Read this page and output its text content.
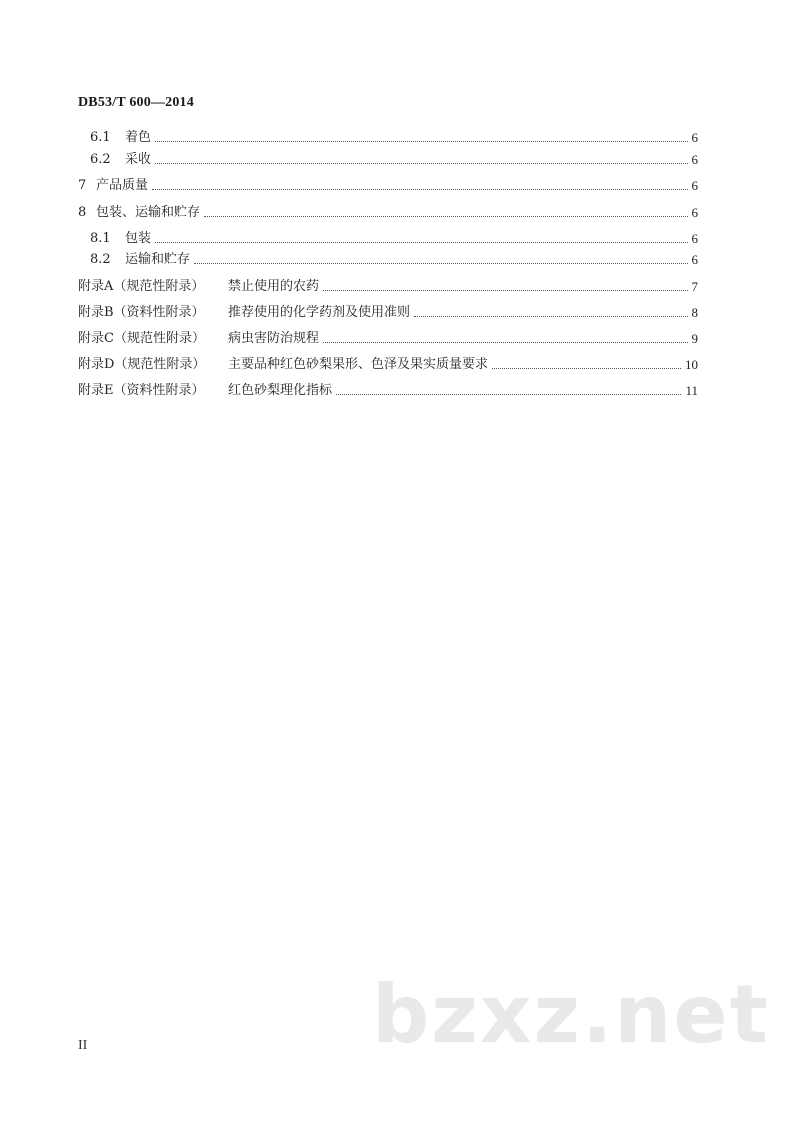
DB53/T 600—2014
6.1	着色	6
6.2	采收	6
7 产品质量	6
8 包装、运输和贮存	6
8.1	包装	6
8.2	运输和贮存	6
附录A（规范性附录）	禁止使用的农药	7
附录B（资料性附录）	推荐使用的化学药剂及使用准则	8
附录C（规范性附录）	病虫害防治规程	9
附录D（规范性附录）	主要品种红色砂梨果形、色泽及果实质量要求	10
附录E（资料性附录）	红色砂梨理化指标	11
bzxz.net
II
